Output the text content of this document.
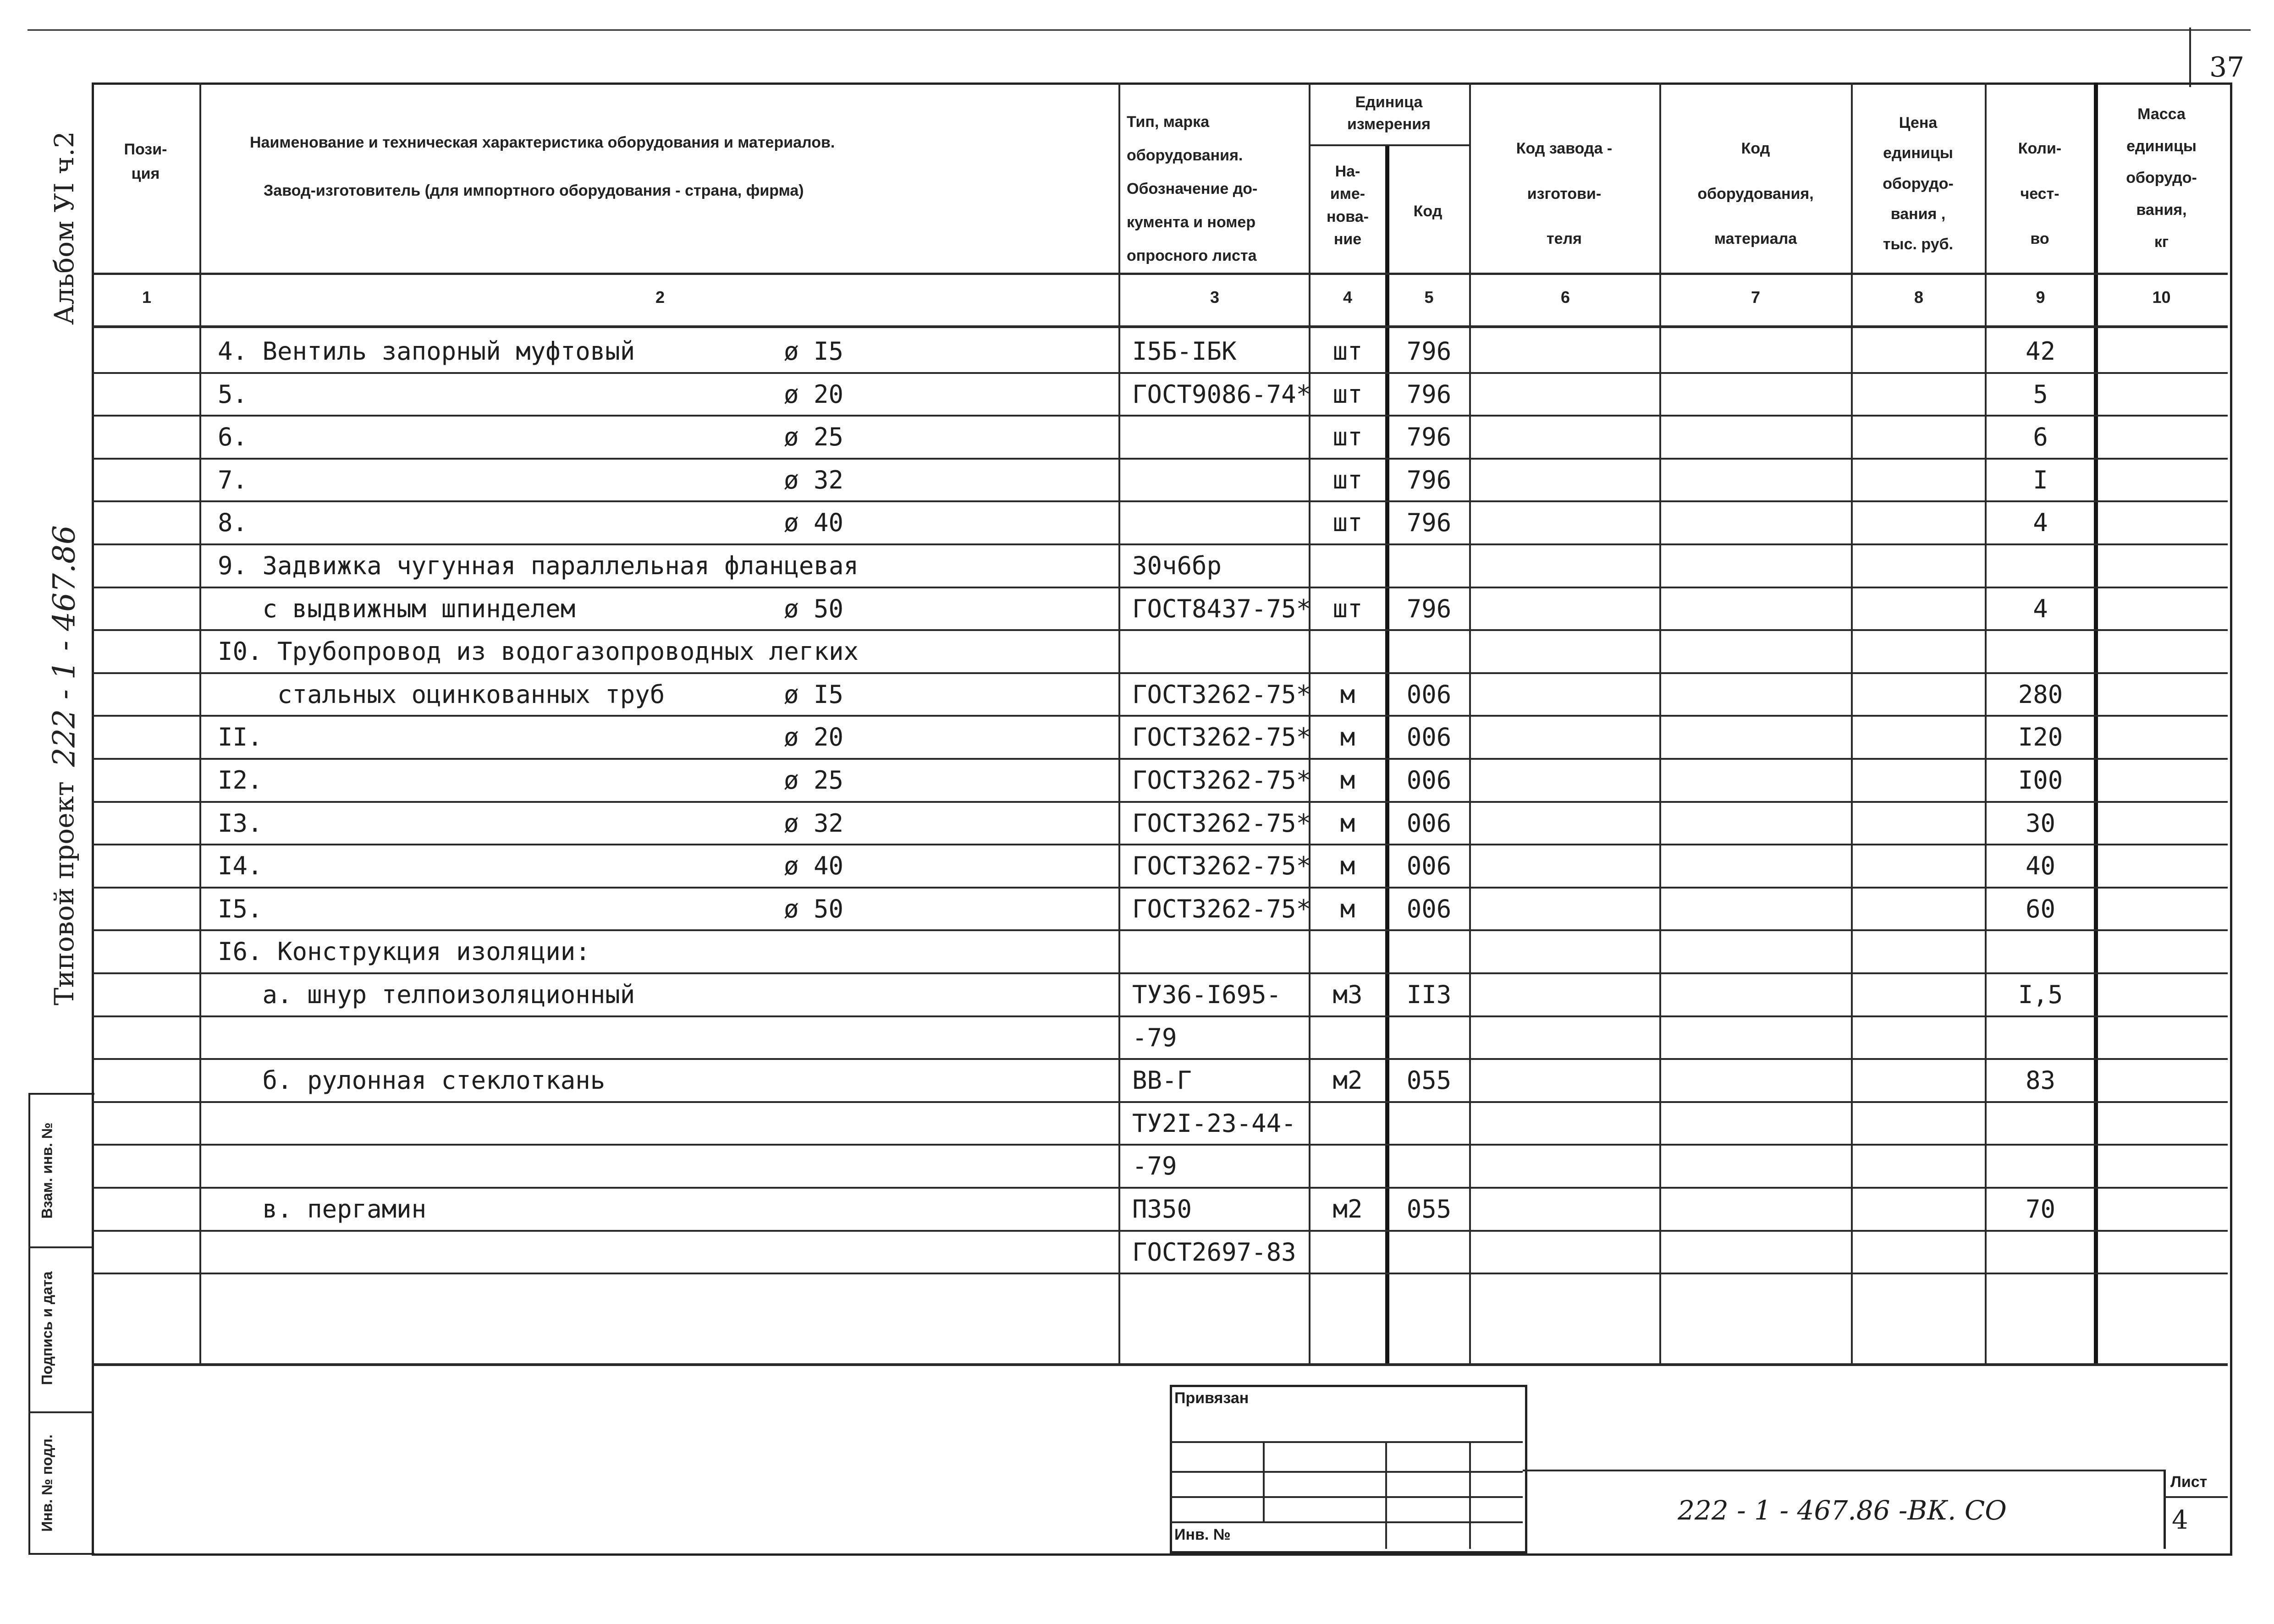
37
Альбом УI ч.2
222 - 1 - 467.86
Типовой проект
Взам. инв. №
Подпись и дата
Инв. № подл.
Пози-
ция
Наименование и техническая характеристика оборудования и материалов.
Завод-изготовитель (для импортного оборудования - страна, фирма)
Тип, марка
оборудования.
Обозначение до-
кумента и номер
опросного листа
Единица
измерения
На-
име-
нова-
ние
Код
Код завода -
изготови-
теля
Код
оборудования,
материала
Цена
единицы
оборудо-
вания ,
тыс. руб.
Коли-
чест-
во
Масса
единицы
оборудо-
вания,
кг
1	2	3	4	5	6	7	8	9	10
4. Вентиль запорный муфтовый	ø I5	I5Б-IБК	шт	796	42
5.	ø 20	ГОСТ9086-74* шт	796	5
6.	ø 25	шт	796	6
7.	ø 32	шт	796	I
8.	ø 40	шт	796	4
9. Задвижка чугунная параллельная фланцевая	30ч6бр
с выдвижным шпинделем	ø 50	ГОСТ8437-75* шт	796	4
I0. Трубопровод из водогазопроводных легких
стальных оцинкованных труб	ø I5	ГОСТ3262-75*	м	006	280
II.	ø 20	ГОСТ3262-75*	м	006	I20
I2.	ø 25	ГОСТ3262-75*	м	006	I00
I3.	ø 32	ГОСТ3262-75*	м	006	30
I4.	ø 40	ГОСТ3262-75*	м	006	40
I5.	ø 50	ГОСТ3262-75*	м	006	60
I6. Конструкция изоляции:
а. шнур телпоизоляционный	ТУ36-I695-	м3	II3	I,5
-79
б. рулонная стеклоткань	ВВ-Г	м2	055	83
ТУ2I-23-44-
-79
в. пергамин	П350	м2	055	70
ГОСТ2697-83
Привязан
Инв. №
222 - 1 - 467.86 -ВК. СО
Лист
4
